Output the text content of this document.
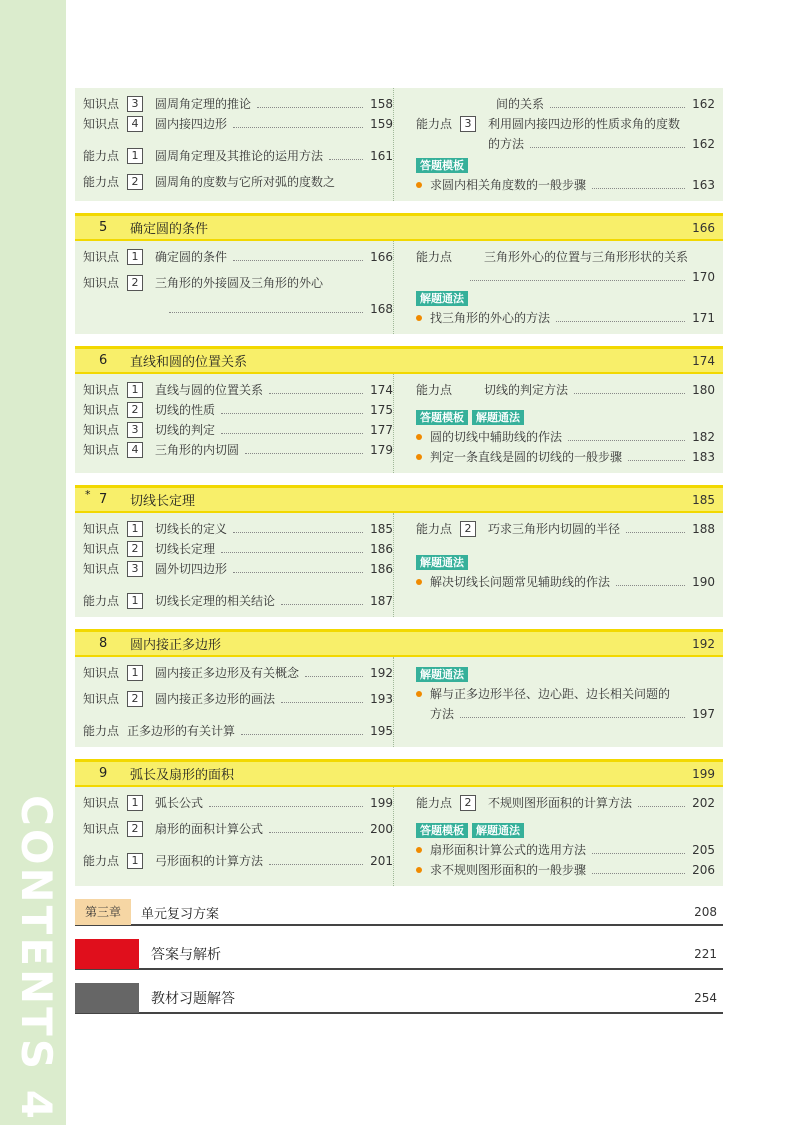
CONTENTS 4
知识点	3	圆周角定理的推论	158
知识点	4	圆内接四边形	159
能力点	1	圆周角定理及其推论的运用方法	161
能力点	2	圆周角的度数与它所对弧的度数之
间的关系	162
能力点	3	利用圆内接四边形的性质求角的度数
的方法	162
答题模板
求圆内相关角度数的一般步骤	163
5	确定圆的条件	166
知识点	1	确定圆的条件	166
知识点	2	三角形的外接圆及三角形的外心
168
能力点	三角形外心的位置与三角形形状的关系
170
解题通法
找三角形的外心的方法	171
6	直线和圆的位置关系	174
知识点	1	直线与圆的位置关系	174
知识点	2	切线的性质	175
知识点	3	切线的判定	177
知识点	4	三角形的内切圆	179
能力点	切线的判定方法	180
答题模板	解题通法
圆的切线中辅助线的作法	182
判定一条直线是圆的切线的一般步骤	183
* 7	切线长定理	185
知识点	1	切线长的定义	185
知识点	2	切线长定理	186
知识点	3	圆外切四边形	186
能力点	1	切线长定理的相关结论	187
能力点	2	巧求三角形内切圆的半径	188
解题通法
解决切线长问题常见辅助线的作法	190
8	圆内接正多边形	192
知识点	1	圆内接正多边形及有关概念	192
知识点	2	圆内接正多边形的画法	193
能力点 正多边形的有关计算	195
解题通法
解与正多边形半径、边心距、边长相关问题的
方法	197
9	弧长及扇形的面积	199
知识点	1	弧长公式	199
知识点	2	扇形的面积计算公式	200
能力点	1	弓形面积的计算方法	201
能力点	2	不规则图形面积的计算方法	202
答题模板	解题通法
扇形面积计算公式的选用方法	205
求不规则图形面积的一般步骤	206
第三章	单元复习方案	208
答案与解析	221
教材习题解答	254
